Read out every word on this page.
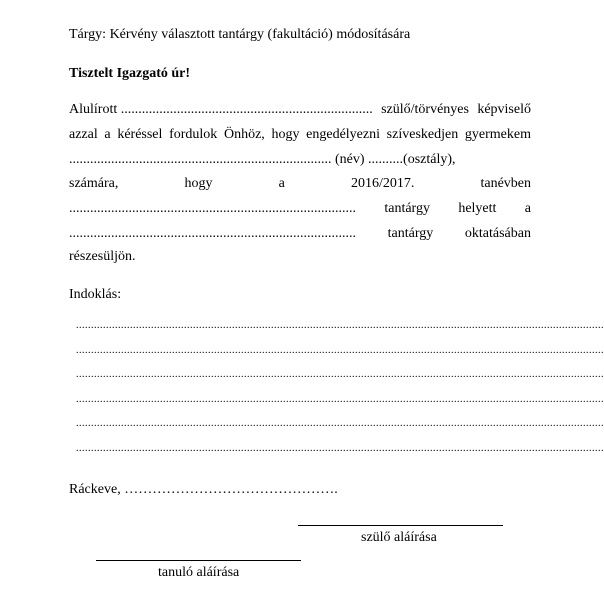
Tárgy: Kérvény választott tantárgy (fakultáció) módosítására
Tisztelt Igazgató úr!
Alulírott ........................................................................ szülő/törvényes képviselő
azzal a kéréssel fordulok Önhöz, hogy engedélyezni szíveskedjen gyermekem
........................................................................... (név) ..........(osztály),
számára,	hogy	a	2016/2017.	tanévben
.................................................................................. tantárgy helyett a
.................................................................................. tantárgy oktatásában
részesüljön.
Indoklás:
................................................................................................................................................................................
................................................................................................................................................................................
................................................................................................................................................................................
................................................................................................................................................................................
................................................................................................................................................................................
................................................................................................................................................................................
Ráckeve, ……………………………………….
szülő aláírása
tanuló aláírása
